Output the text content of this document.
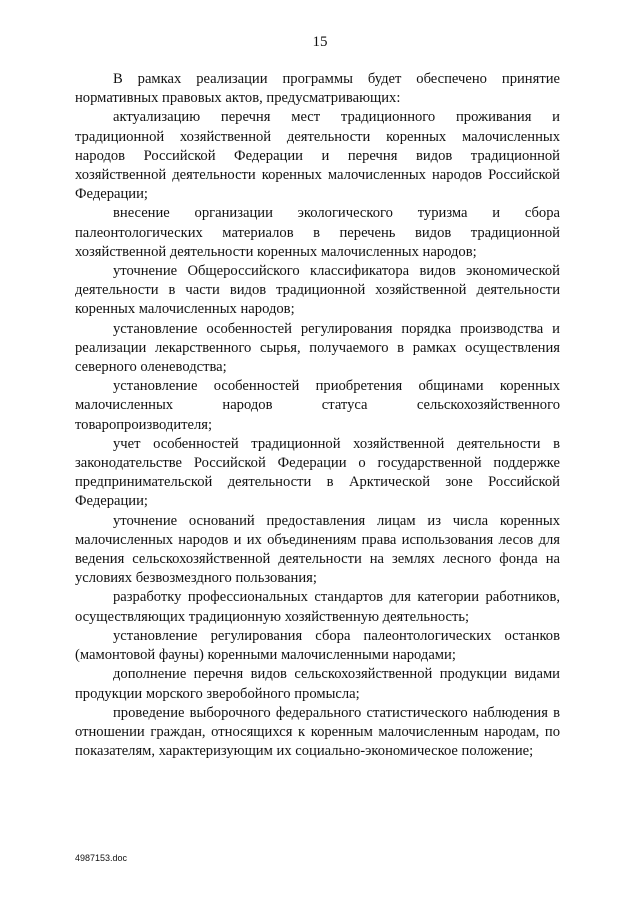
15

В рамках реализации программы будет обеспечено принятие нормативных правовых актов, предусматривающих:

актуализацию перечня мест традиционного проживания и традиционной хозяйственной деятельности коренных малочисленных народов Российской Федерации и перечня видов традиционной хозяйственной деятельности коренных малочисленных народов Российской Федерации;

внесение организации экологического туризма и сбора палеонтологических материалов в перечень видов традиционной хозяйственной деятельности коренных малочисленных народов;

уточнение Общероссийского классификатора видов экономической деятельности в части видов традиционной хозяйственной деятельности коренных малочисленных народов;

установление особенностей регулирования порядка производства и реализации лекарственного сырья, получаемого в рамках осуществления северного оленеводства;

установление особенностей приобретения общинами коренных малочисленных народов статуса сельскохозяйственного товаропроизводителя;

учет особенностей традиционной хозяйственной деятельности в законодательстве Российской Федерации о государственной поддержке предпринимательской деятельности в Арктической зоне Российской Федерации;

уточнение оснований предоставления лицам из числа коренных малочисленных народов и их объединениям права использования лесов для ведения сельскохозяйственной деятельности на землях лесного фонда на условиях безвозмездного пользования;

разработку профессиональных стандартов для категории работников, осуществляющих традиционную хозяйственную деятельность;

установление регулирования сбора палеонтологических останков (мамонтовой фауны) коренными малочисленными народами;

дополнение перечня видов сельскохозяйственной продукции видами продукции морского зверобойного промысла;

проведение выборочного федерального статистического наблюдения в отношении граждан, относящихся к коренным малочисленным народам, по показателям, характеризующим их социально-экономическое положение;

4987153.doc
